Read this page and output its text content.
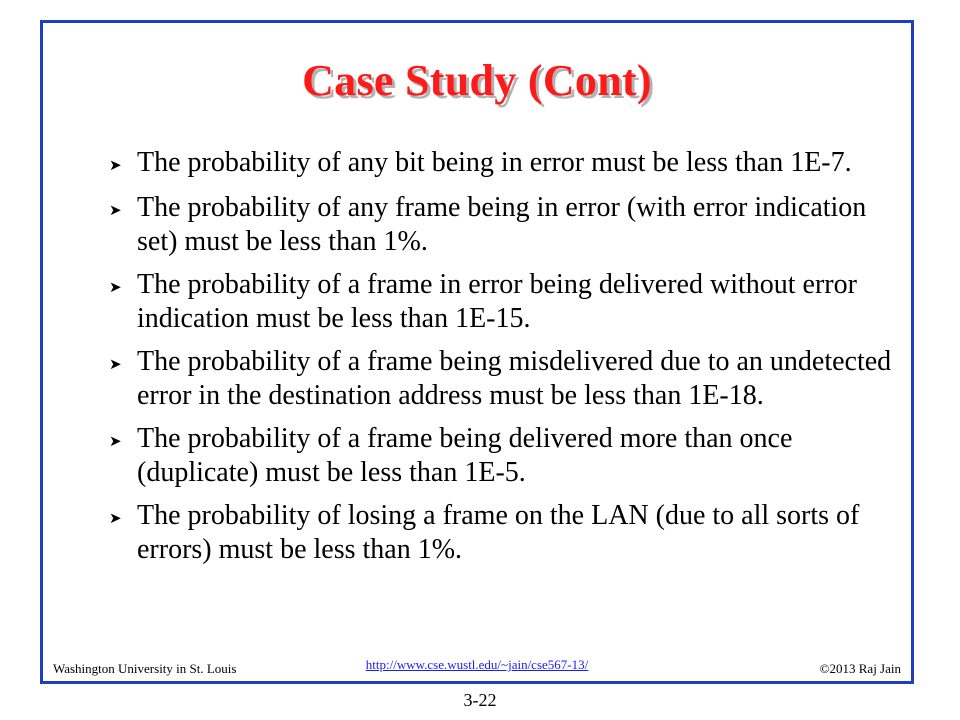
Case Study (Cont)
➤ The probability of any bit being in error must be less than 1E-7.
➤ The probability of any frame being in error (with error indication set) must be less than 1%.
➤ The probability of a frame in error being delivered without error indication must be less than 1E-15.
➤ The probability of a frame being misdelivered due to an undetected error in the destination address must be less than 1E-18.
➤ The probability of a frame being delivered more than once (duplicate) must be less than 1E-5.
➤ The probability of losing a frame on the LAN (due to all sorts of errors) must be less than 1%.
Washington University in St. Louis	http://www.cse.wustl.edu/~jain/cse567-13/	©2013 Raj Jain
3-22
